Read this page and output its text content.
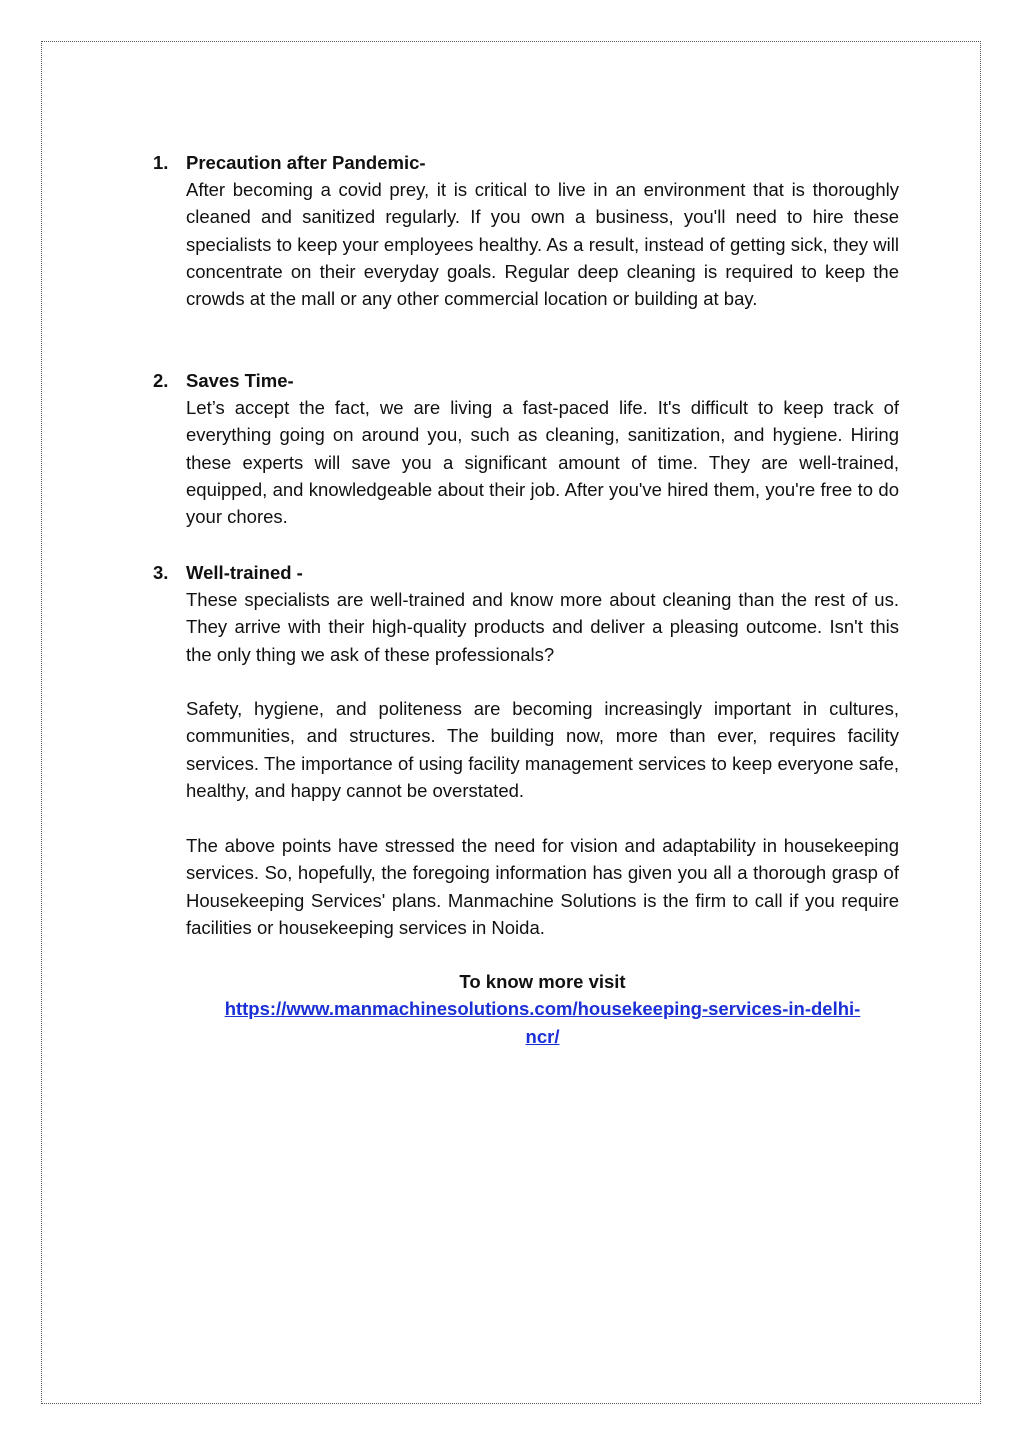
1. Precaution after Pandemic-

After becoming a covid prey, it is critical to live in an environment that is thoroughly cleaned and sanitized regularly. If you own a business, you'll need to hire these specialists to keep your employees healthy. As a result, instead of getting sick, they will concentrate on their everyday goals. Regular deep cleaning is required to keep the crowds at the mall or any other commercial location or building at bay.

2. Saves Time-

Let’s accept the fact, we are living a fast-paced life. It's difficult to keep track of everything going on around you, such as cleaning, sanitization, and hygiene. Hiring these experts will save you a significant amount of time. They are well-trained, equipped, and knowledgeable about their job. After you've hired them, you're free to do your chores.

3. Well-trained -

These specialists are well-trained and know more about cleaning than the rest of us. They arrive with their high-quality products and deliver a pleasing outcome. Isn't this the only thing we ask of these professionals?

Safety, hygiene, and politeness are becoming increasingly important in cultures, communities, and structures. The building now, more than ever, requires facility services. The importance of using facility management services to keep everyone safe, healthy, and happy cannot be overstated.

The above points have stressed the need for vision and adaptability in housekeeping services. So, hopefully, the foregoing information has given you all a thorough grasp of Housekeeping Services' plans. Manmachine Solutions is the firm to call if you require facilities or housekeeping services in Noida.

To know more visit
https://www.manmachinesolutions.com/housekeeping-services-in-delhi-
ncr/
